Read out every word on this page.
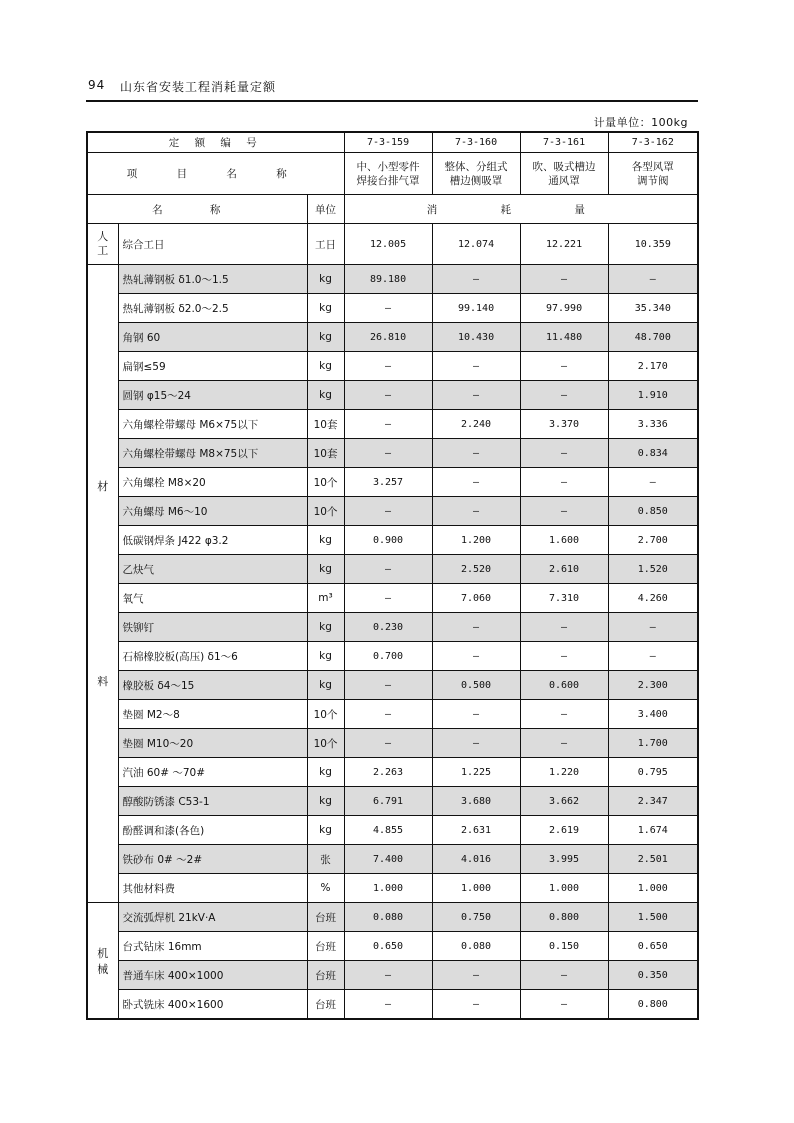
94 山东省安装工程消耗量定额
计量单位：100kg
定 额 编 号			7-3-159	7-3-160	7-3-161	7-3-162
项 目 名 称			中、小型零件焊接台排气罩	整体、分组式槽边侧吸罩	吹、吸式槽边通风罩	各型风罩调节阀
名 称		单位	消 耗 量			

人
工	综合工日	工日	12.005	12.074	12.221	10.359

材
料	热轧薄钢板 δ1.0～1.5	kg	89.180	—	—	—
	热轧薄钢板 δ2.0～2.5	kg	—	99.140	97.990	35.340
	角钢 60	kg	26.810	10.430	11.480	48.700
	扁钢≤59	kg	—	—	—	2.170
	圆钢 φ15～24	kg	—	—	—	1.910
	六角螺栓带螺母 M6×75以下	10套	—	2.240	3.370	3.336
	六角螺栓带螺母 M8×75以下	10套	—	—	—	0.834
	六角螺栓 M8×20	10个	3.257	—	—	—
	六角螺母 M6～10	10个	—	—	—	0.850
	低碳钢焊条 J422 φ3.2	kg	0.900	1.200	1.600	2.700
	乙炔气	kg	—	2.520	2.610	1.520
	氧气	m³	—	7.060	7.310	4.260
	铁铆钉	kg	0.230	—	—	—
	石棉橡胶板(高压) δ1～6	kg	0.700	—	—	—
	橡胶板 δ4～15	kg	—	0.500	0.600	2.300
	垫圈 M2～8	10个	—	—	—	3.400
	垫圈 M10～20	10个	—	—	—	1.700
	汽油 60# ～70#	kg	2.263	1.225	1.220	0.795
	醇酸防锈漆 C53-1	kg	6.791	3.680	3.662	2.347
	酚醛调和漆(各色)	kg	4.855	2.631	2.619	1.674
	铁砂布 0# ～2#	张	7.400	4.016	3.995	2.501
	其他材料费	%	1.000	1.000	1.000	1.000

机
械	交流弧焊机 21kV·A	台班	0.080	0.750	0.800	1.500
	台式钻床 16mm	台班	0.650	0.080	0.150	0.650
	普通车床 400×1000	台班	—	—	—	0.350
	卧式铣床 400×1600	台班	—	—	—	0.800
